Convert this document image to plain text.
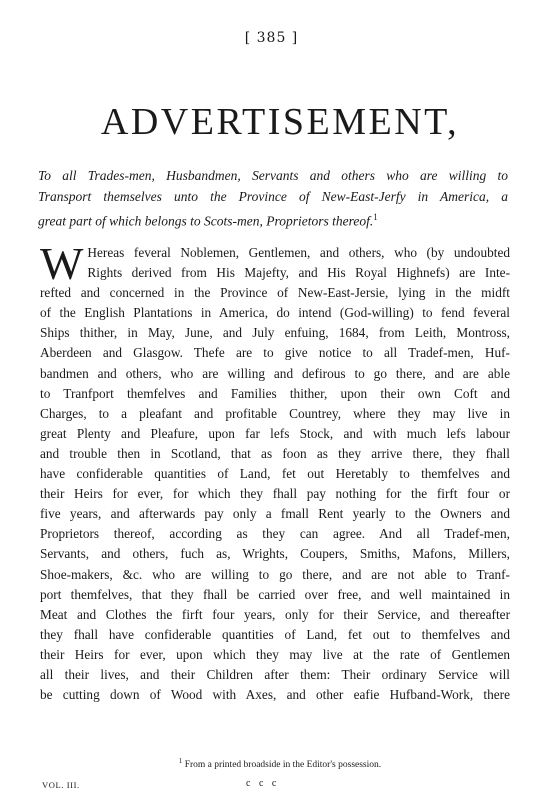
[ 385 ]
ADVERTISEMENT,

To all Trades-men, Husbandmen, Servants and others who are willing to
Transport themselves unto the Province of New-East-Jerfy in America, a
great part of which belongs to Scots-men, Proprietors thereof.$^1$

W Hereas feveral Noblemen, Gentlemen, and others, who (by undoubted
Rights derived from His Majefty, and His Royal Highnefs) are Inte-
refted and concerned in the Province of New-East-Jersie, lying in the midft
of the English Plantations in America, do intend (God-willing) to fend feveral
Ships thither, in May, June, and July enfuing, 1684, from Leith, Montross,
Aberdeen and Glasgow. Thefe are to give notice to all Tradef-men, Huf-
bandmen and others, who are willing and defirous to go there, and are able
to Tranfport themfelves and Families thither, upon their own Coft and
Charges, to a pleafant and profitable Countrey, where they may live in
great Plenty and Pleafure, upon far lefs Stock, and with much lefs labour
and trouble then in Scotland, that as foon as they arrive there, they fhall
have confiderable quantities of Land, fet out Heretably to themfelves and
their Heirs for ever, for which they fhall pay nothing for the firft four or
five years, and afterwards pay only a fmall Rent yearly to the Owners and
Proprietors thereof, according as they can agree. And all Tradef-men,
Servants, and others, fuch as, Wrights, Coupers, Smiths, Mafons, Millers,
Shoe-makers, &c. who are willing to go there, and are not able to Tranf-
port themfelves, that they fhall be carried over free, and well maintained in
Meat and Clothes the firft four years, only for their Service, and thereafter
they fhall have confiderable quantities of Land, fet out to themfelves and
their Heirs for ever, upon which they may live at the rate of Gentlemen
all their lives, and their Children after them: Their ordinary Service will
be cutting down of Wood with Axes, and other eafie Hufband-Work, there
$^1$ From a printed broadside in the Editor's possession.
VOL. III.	c c c
